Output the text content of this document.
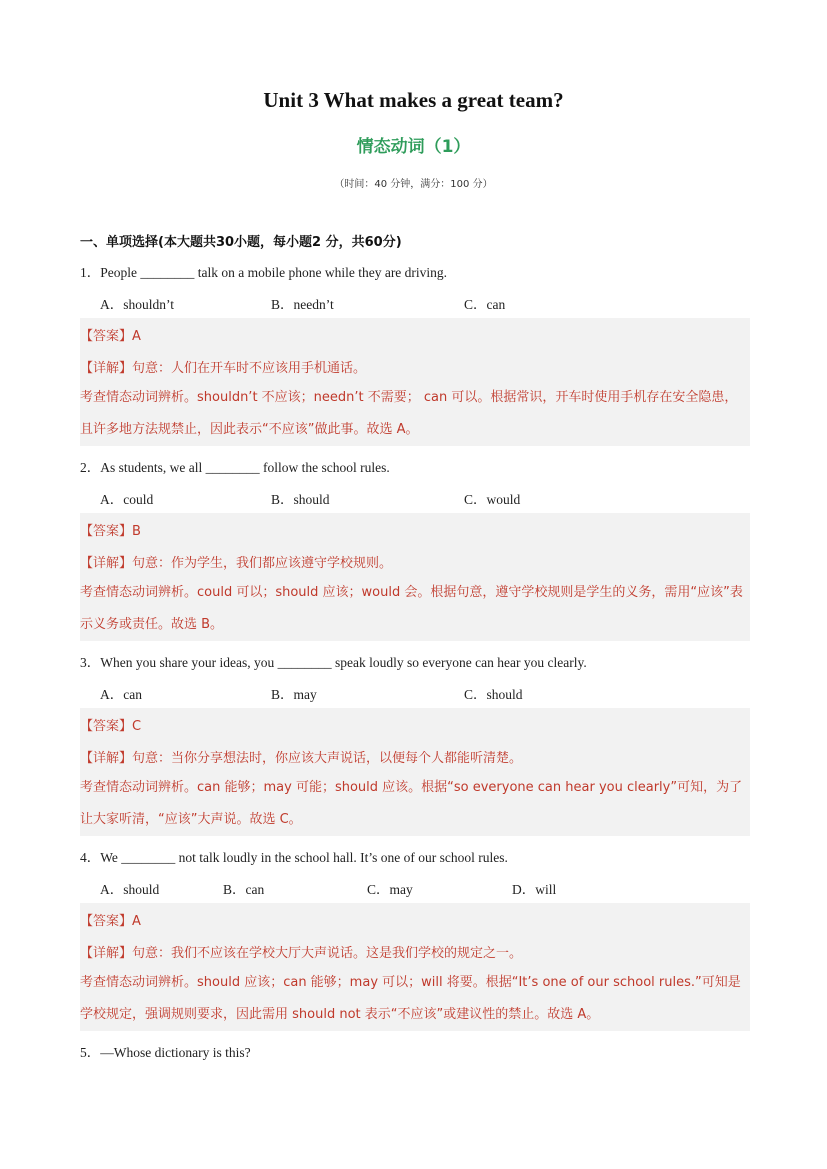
Unit 3 What makes a great team?
情态动词（1）
（时间：40 分钟，满分：100 分）
一、单项选择(本大题共30小题，每小题2 分，共60分)
1．People ________ talk on a mobile phone while they are driving.
A．shouldn’t	B．needn’t	C．can
【答案】A
【详解】句意：人们在开车时不应该用手机通话。
考查情态动词辨析。shouldn’t 不应该；needn’t 不需要； can 可以。根据常识，开车时使用手机存在安全隐患，且许多地方法规禁止，因此表示“不应该”做此事。故选 A。
2．As students, we all ________ follow the school rules.
A．could	B．should	C．would
【答案】B
【详解】句意：作为学生，我们都应该遵守学校规则。
考查情态动词辨析。could 可以；should 应该；would 会。根据句意，遵守学校规则是学生的义务，需用“应该”表示义务或责任。故选 B。
3．When you share your ideas, you ________ speak loudly so everyone can hear you clearly.
A．can	B．may	C．should
【答案】C
【详解】句意：当你分享想法时，你应该大声说话，以便每个人都能听清楚。
考查情态动词辨析。can 能够；may 可能；should 应该。根据“so everyone can hear you clearly”可知，为了让大家听清，“应该”大声说。故选 C。
4．We ________ not talk loudly in the school hall. It’s one of our school rules.
A．should	B．can	C．may	D．will
【答案】A
【详解】句意：我们不应该在学校大厅大声说话。这是我们学校的规定之一。
考查情态动词辨析。should 应该；can 能够；may 可以；will 将要。根据“It’s one of our school rules.”可知是学校规定，强调规则要求，因此需用 should not 表示“不应该”或建议性的禁止。故选 A。
5．—Whose dictionary is this?
